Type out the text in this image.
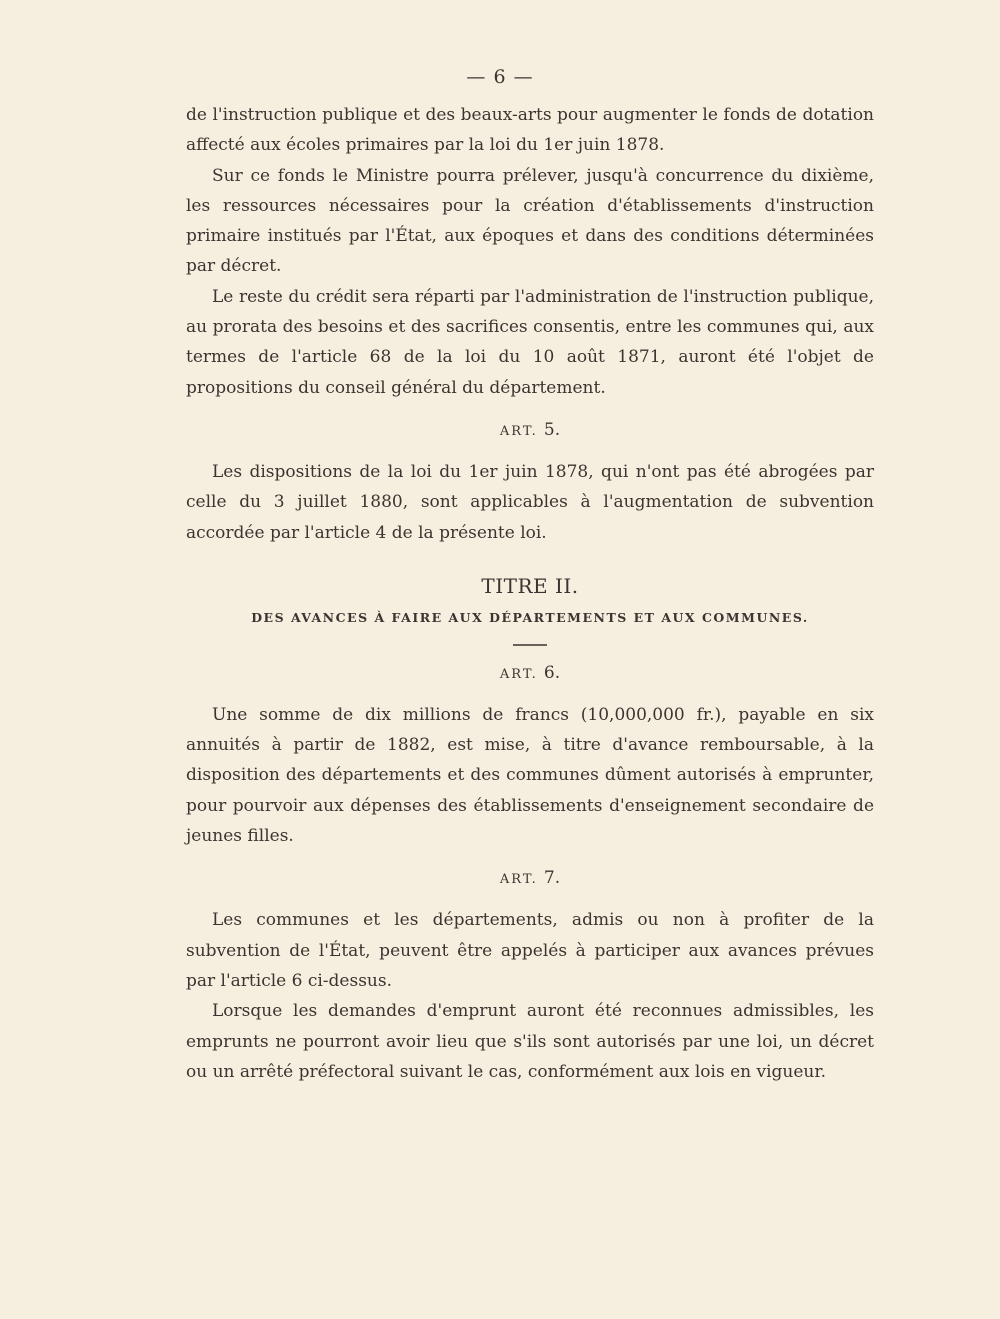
— 6 —

de l'instruction publique et des beaux-arts pour augmenter le fonds de dotation affecté aux écoles primaires par la loi du 1er juin 1878.

Sur ce fonds le Ministre pourra prélever, jusqu'à concurrence du dixième, les ressources nécessaires pour la création d'établissements d'instruction primaire institués par l'État, aux époques et dans des conditions déterminées par décret.

Le reste du crédit sera réparti par l'administration de l'instruction publique, au prorata des besoins et des sacrifices consentis, entre les communes qui, aux termes de l'article 68 de la loi du 10 août 1871, auront été l'objet de propositions du conseil général du département.

ART. 5.

Les dispositions de la loi du 1er juin 1878, qui n'ont pas été abrogées par celle du 3 juillet 1880, sont applicables à l'augmentation de subvention accordée par l'article 4 de la présente loi.

TITRE II.
DES AVANCES À FAIRE AUX DÉPARTEMENTS ET AUX COMMUNES.
ART. 6.

Une somme de dix millions de francs (10,000,000 fr.), payable en six annuités à partir de 1882, est mise, à titre d'avance remboursable, à la disposition des départements et des communes dûment autorisés à emprunter, pour pourvoir aux dépenses des établissements d'enseignement secondaire de jeunes filles.

ART. 7.

Les communes et les départements, admis ou non à profiter de la subvention de l'État, peuvent être appelés à participer aux avances prévues par l'article 6 ci-dessus.

Lorsque les demandes d'emprunt auront été reconnues admissibles, les emprunts ne pourront avoir lieu que s'ils sont autorisés par une loi, un décret ou un arrêté préfectoral suivant le cas, conformément aux lois en vigueur.
